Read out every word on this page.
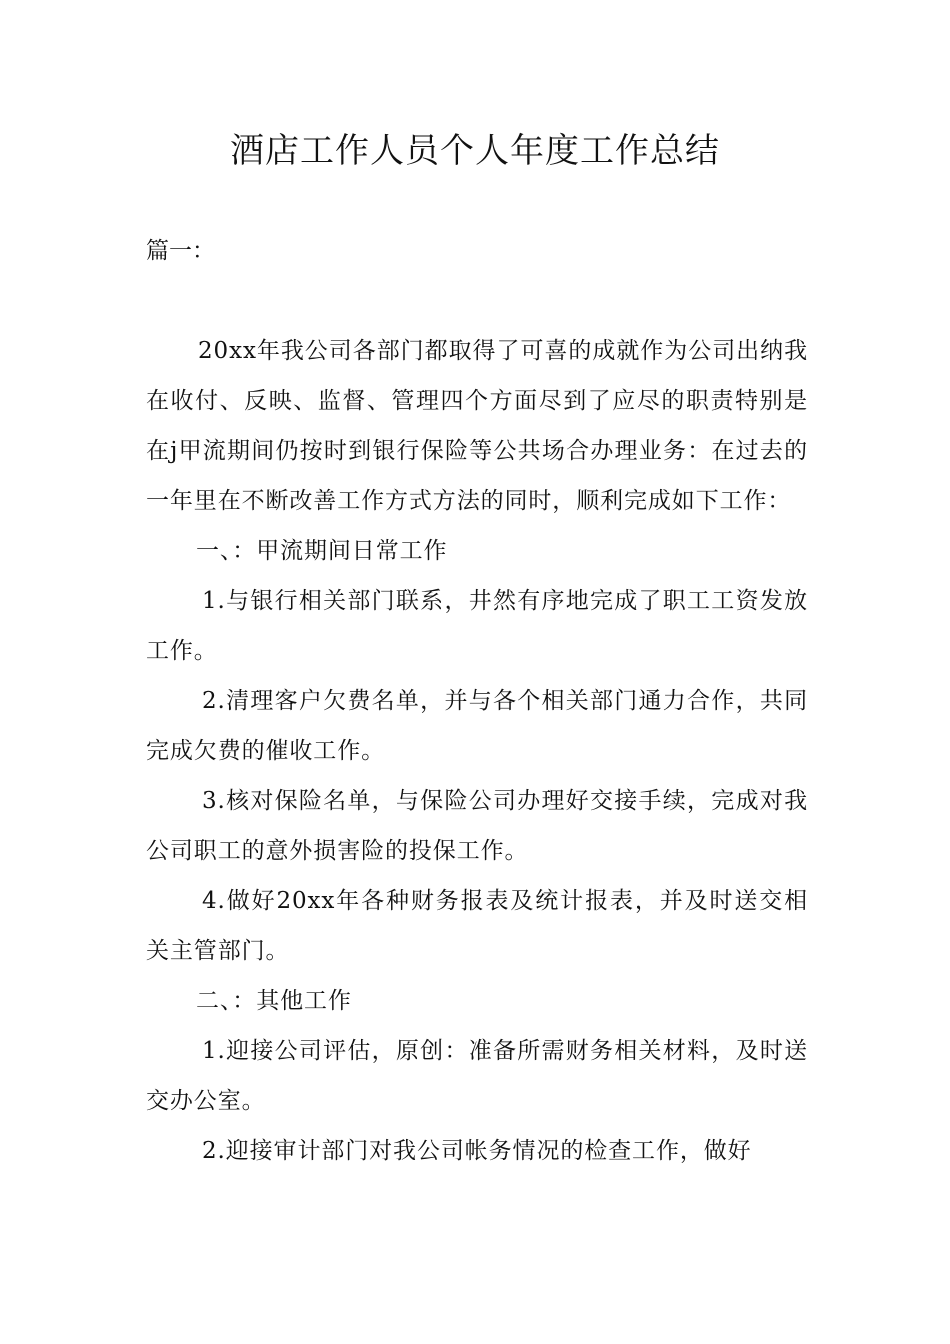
酒店工作人员个人年度工作总结
篇一：

20xx年我公司各部门都取得了可喜的成就作为公司出纳我在收付、反映、监督、管理四个方面尽到了应尽的职责特别是在j甲流期间仍按时到银行保险等公共场合办理业务：在过去的一年里在不断改善工作方式方法的同时，顺利完成如下工作：

一、：甲流期间日常工作

1.与银行相关部门联系，井然有序地完成了职工工资发放工作。

2.清理客户欠费名单，并与各个相关部门通力合作，共同完成欠费的催收工作。

3.核对保险名单，与保险公司办理好交接手续，完成对我公司职工的意外损害险的投保工作。

4.做好20xx年各种财务报表及统计报表，并及时送交相关主管部门。

二、：其他工作

1.迎接公司评估，原创：准备所需财务相关材料，及时送交办公室。

2.迎接审计部门对我公司帐务情况的检查工作，做好
